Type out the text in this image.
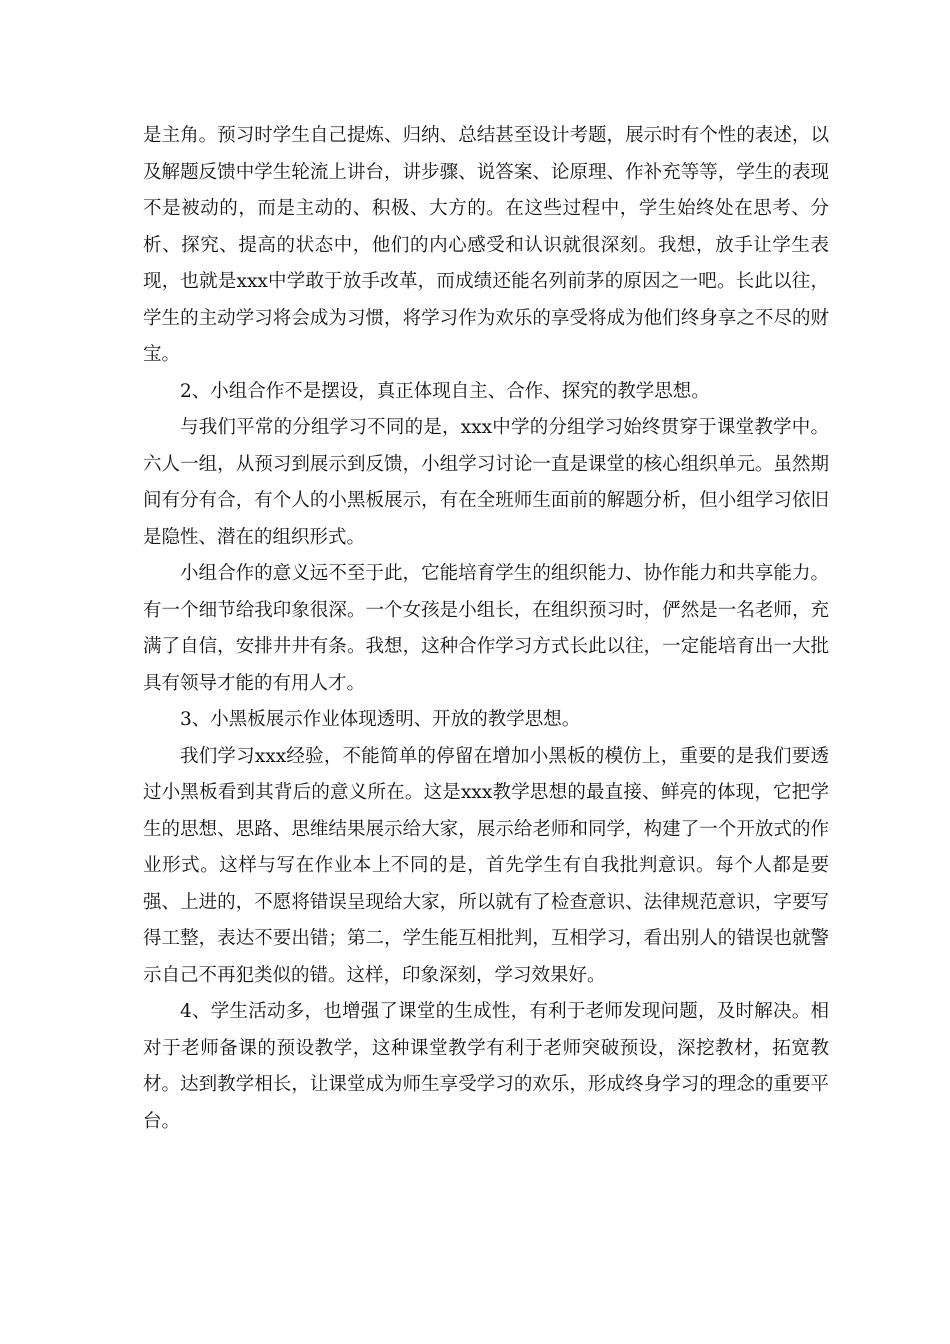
是主角。预习时学生自己提炼、归纳、总结甚至设计考题，展示时有个性的表述，以及解题反馈中学生轮流上讲台，讲步骤、说答案、论原理、作补充等等，学生的表现不是被动的，而是主动的、积极、大方的。在这些过程中，学生始终处在思考、分析、探究、提高的状态中，他们的内心感受和认识就很深刻。我想，放手让学生表现，也就是xxx中学敢于放手改革，而成绩还能名列前茅的原因之一吧。长此以往，学生的主动学习将会成为习惯，将学习作为欢乐的享受将成为他们终身享之不尽的财宝。

2、小组合作不是摆设，真正体现自主、合作、探究的教学思想。

与我们平常的分组学习不同的是，xxx中学的分组学习始终贯穿于课堂教学中。六人一组，从预习到展示到反馈，小组学习讨论一直是课堂的核心组织单元。虽然期间有分有合，有个人的小黑板展示，有在全班师生面前的解题分析，但小组学习依旧是隐性、潜在的组织形式。

小组合作的意义远不至于此，它能培育学生的组织能力、协作能力和共享能力。有一个细节给我印象很深。一个女孩是小组长，在组织预习时，俨然是一名老师，充满了自信，安排井井有条。我想，这种合作学习方式长此以往，一定能培育出一大批具有领导才能的有用人才。

3、小黑板展示作业体现透明、开放的教学思想。

我们学习xxx经验，不能简单的停留在增加小黑板的模仿上，重要的是我们要透过小黑板看到其背后的意义所在。这是xxx教学思想的最直接、鲜亮的体现，它把学生的思想、思路、思维结果展示给大家，展示给老师和同学，构建了一个开放式的作业形式。这样与写在作业本上不同的是，首先学生有自我批判意识。每个人都是要强、上进的，不愿将错误呈现给大家，所以就有了检查意识、法律规范意识，字要写得工整，表达不要出错；第二，学生能互相批判，互相学习，看出别人的错误也就警示自己不再犯类似的错。这样，印象深刻，学习效果好。

4、学生活动多，也增强了课堂的生成性，有利于老师发现问题，及时解决。相对于老师备课的预设教学，这种课堂教学有利于老师突破预设，深挖教材，拓宽教材。达到教学相长，让课堂成为师生享受学习的欢乐，形成终身学习的理念的重要平台。
